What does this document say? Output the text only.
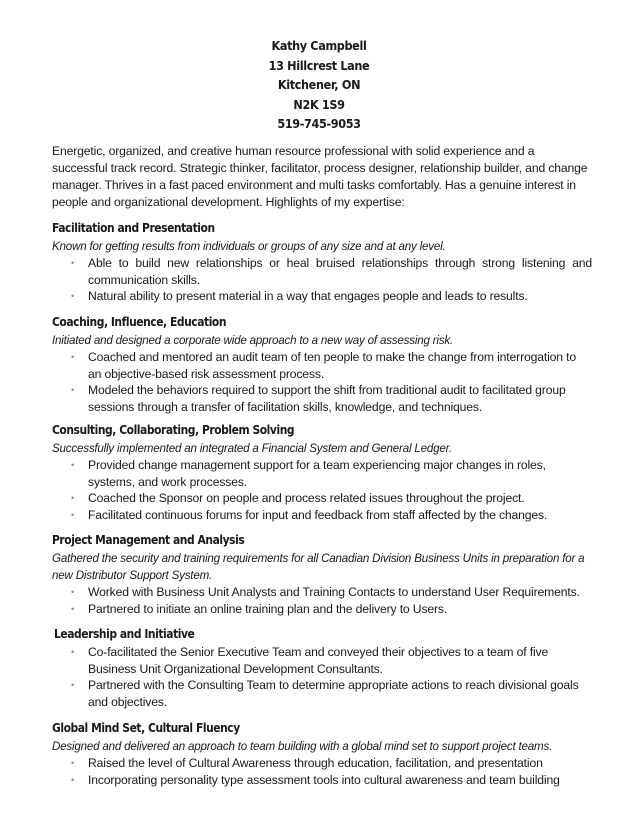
Kathy Campbell
13 Hillcrest Lane
Kitchener, ON
N2K 1S9
519-745-9053
Energetic, organized, and creative human resource professional with solid experience and a successful track record. Strategic thinker, facilitator, process designer, relationship builder, and change manager. Thrives in a fast paced environment and multi tasks comfortably. Has a genuine interest in people and organizational development. Highlights of my expertise:
Facilitation and Presentation
Known for getting results from individuals or groups of any size and at any level.
• Able to build new relationships or heal bruised relationships through strong listening and communication skills.
• Natural ability to present material in a way that engages people and leads to results.
Coaching, Influence, Education
Initiated and designed a corporate wide approach to a new way of assessing risk.
• Coached and mentored an audit team of ten people to make the change from interrogation to an objective-based risk assessment process.
• Modeled the behaviors required to support the shift from traditional audit to facilitated group sessions through a transfer of facilitation skills, knowledge, and techniques.
Consulting, Collaborating, Problem Solving
Successfully implemented an integrated a Financial System and General Ledger.
• Provided change management support for a team experiencing major changes in roles, systems, and work processes.
• Coached the Sponsor on people and process related issues throughout the project.
• Facilitated continuous forums for input and feedback from staff affected by the changes.
Project Management and Analysis
Gathered the security and training requirements for all Canadian Division Business Units in preparation for a new Distributor Support System.
• Worked with Business Unit Analysts and Training Contacts to understand User Requirements.
• Partnered to initiate an online training plan and the delivery to Users.
Leadership and Initiative
• Co-facilitated the Senior Executive Team and conveyed their objectives to a team of five Business Unit Organizational Development Consultants.
• Partnered with the Consulting Team to determine appropriate actions to reach divisional goals and objectives.
Global Mind Set, Cultural Fluency
Designed and delivered an approach to team building with a global mind set to support project teams.
• Raised the level of Cultural Awareness through education, facilitation, and presentation
• Incorporating personality type assessment tools into cultural awareness and team building
